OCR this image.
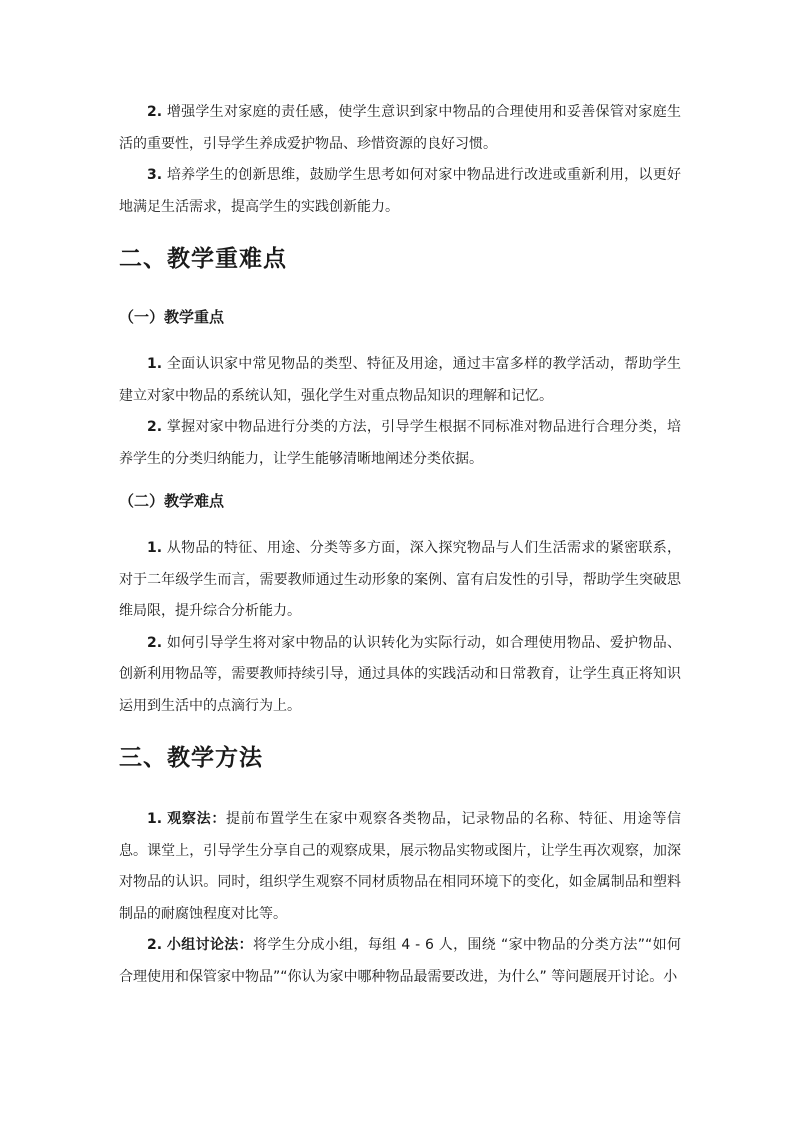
2. 增强学生对家庭的责任感，使学生意识到家中物品的合理使用和妥善保管对家庭生活的重要性，引导学生养成爱护物品、珍惜资源的良好习惯。

3. 培养学生的创新思维，鼓励学生思考如何对家中物品进行改进或重新利用，以更好地满足生活需求，提高学生的实践创新能力。

二、教学重难点
（一）教学重点

1. 全面认识家中常见物品的类型、特征及用途，通过丰富多样的教学活动，帮助学生建立对家中物品的系统认知，强化学生对重点物品知识的理解和记忆。

2. 掌握对家中物品进行分类的方法，引导学生根据不同标准对物品进行合理分类，培养学生的分类归纳能力，让学生能够清晰地阐述分类依据。

（二）教学难点

1. 从物品的特征、用途、分类等多方面，深入探究物品与人们生活需求的紧密联系，对于二年级学生而言，需要教师通过生动形象的案例、富有启发性的引导，帮助学生突破思维局限，提升综合分析能力。

2. 如何引导学生将对家中物品的认识转化为实际行动，如合理使用物品、爱护物品、创新利用物品等，需要教师持续引导，通过具体的实践活动和日常教育，让学生真正将知识运用到生活中的点滴行为上。

三、教学方法

1. 观察法：提前布置学生在家中观察各类物品，记录物品的名称、特征、用途等信息。课堂上，引导学生分享自己的观察成果，展示物品实物或图片，让学生再次观察，加深对物品的认识。同时，组织学生观察不同材质物品在相同环境下的变化，如金属制品和塑料制品的耐腐蚀程度对比等。

2. 小组讨论法：将学生分成小组，每组 4 - 6 人，围绕 “家中物品的分类方法”“如何合理使用和保管家中物品”“你认为家中哪种物品最需要改进，为什么” 等问题展开讨论。小
